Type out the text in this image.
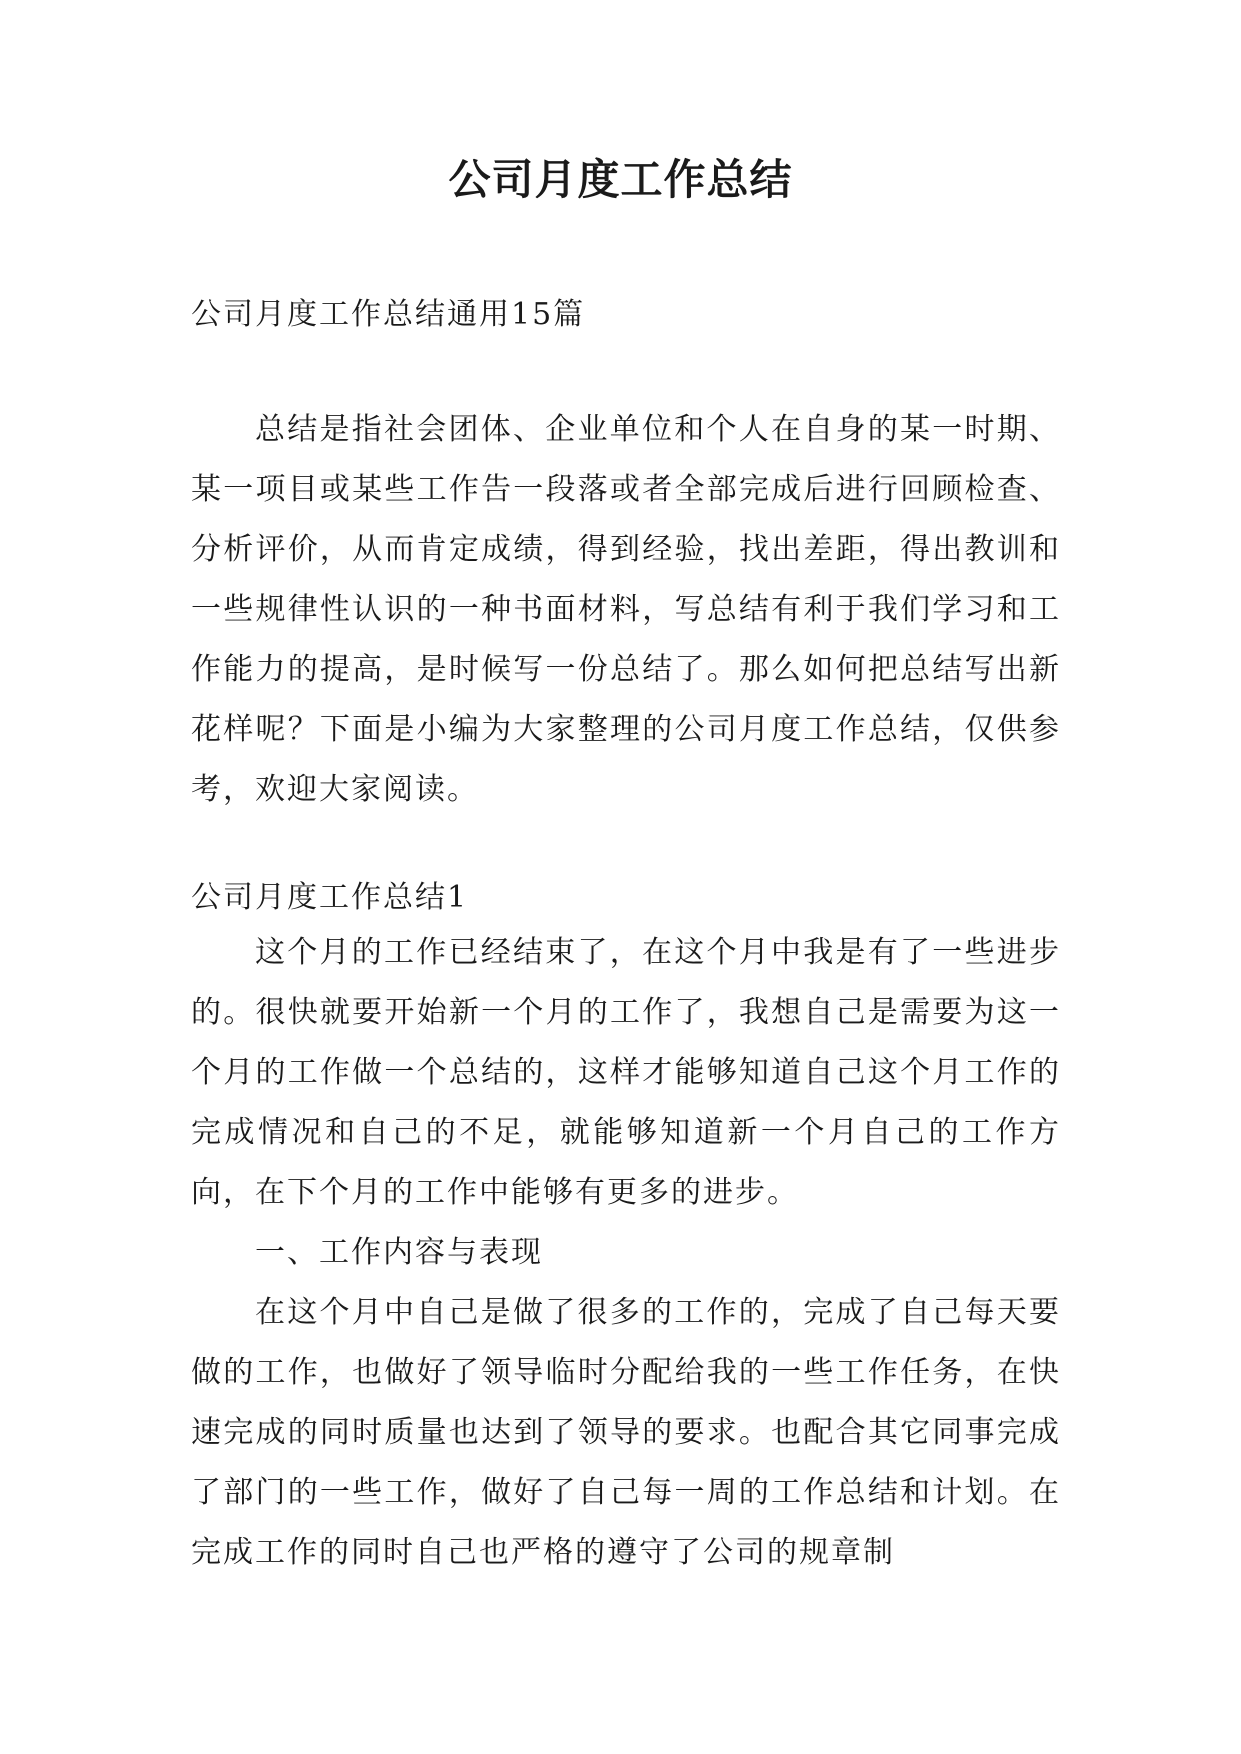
公司月度工作总结
公司月度工作总结通用15篇

总结是指社会团体、企业单位和个人在自身的某一时期、某一项目或某些工作告一段落或者全部完成后进行回顾检查、分析评价，从而肯定成绩，得到经验，找出差距，得出教训和一些规律性认识的一种书面材料，写总结有利于我们学习和工作能力的提高，是时候写一份总结了。那么如何把总结写出新花样呢？下面是小编为大家整理的公司月度工作总结，仅供参考，欢迎大家阅读。

公司月度工作总结1

这个月的工作已经结束了，在这个月中我是有了一些进步的。很快就要开始新一个月的工作了，我想自己是需要为这一个月的工作做一个总结的，这样才能够知道自己这个月工作的完成情况和自己的不足，就能够知道新一个月自己的工作方向，在下个月的工作中能够有更多的进步。

一、工作内容与表现

在这个月中自己是做了很多的工作的，完成了自己每天要做的工作，也做好了领导临时分配给我的一些工作任务，在快速完成的同时质量也达到了领导的要求。也配合其它同事完成了部门的一些工作，做好了自己每一周的工作总结和计划。在完成工作的同时自己也严格的遵守了公司的规章制
